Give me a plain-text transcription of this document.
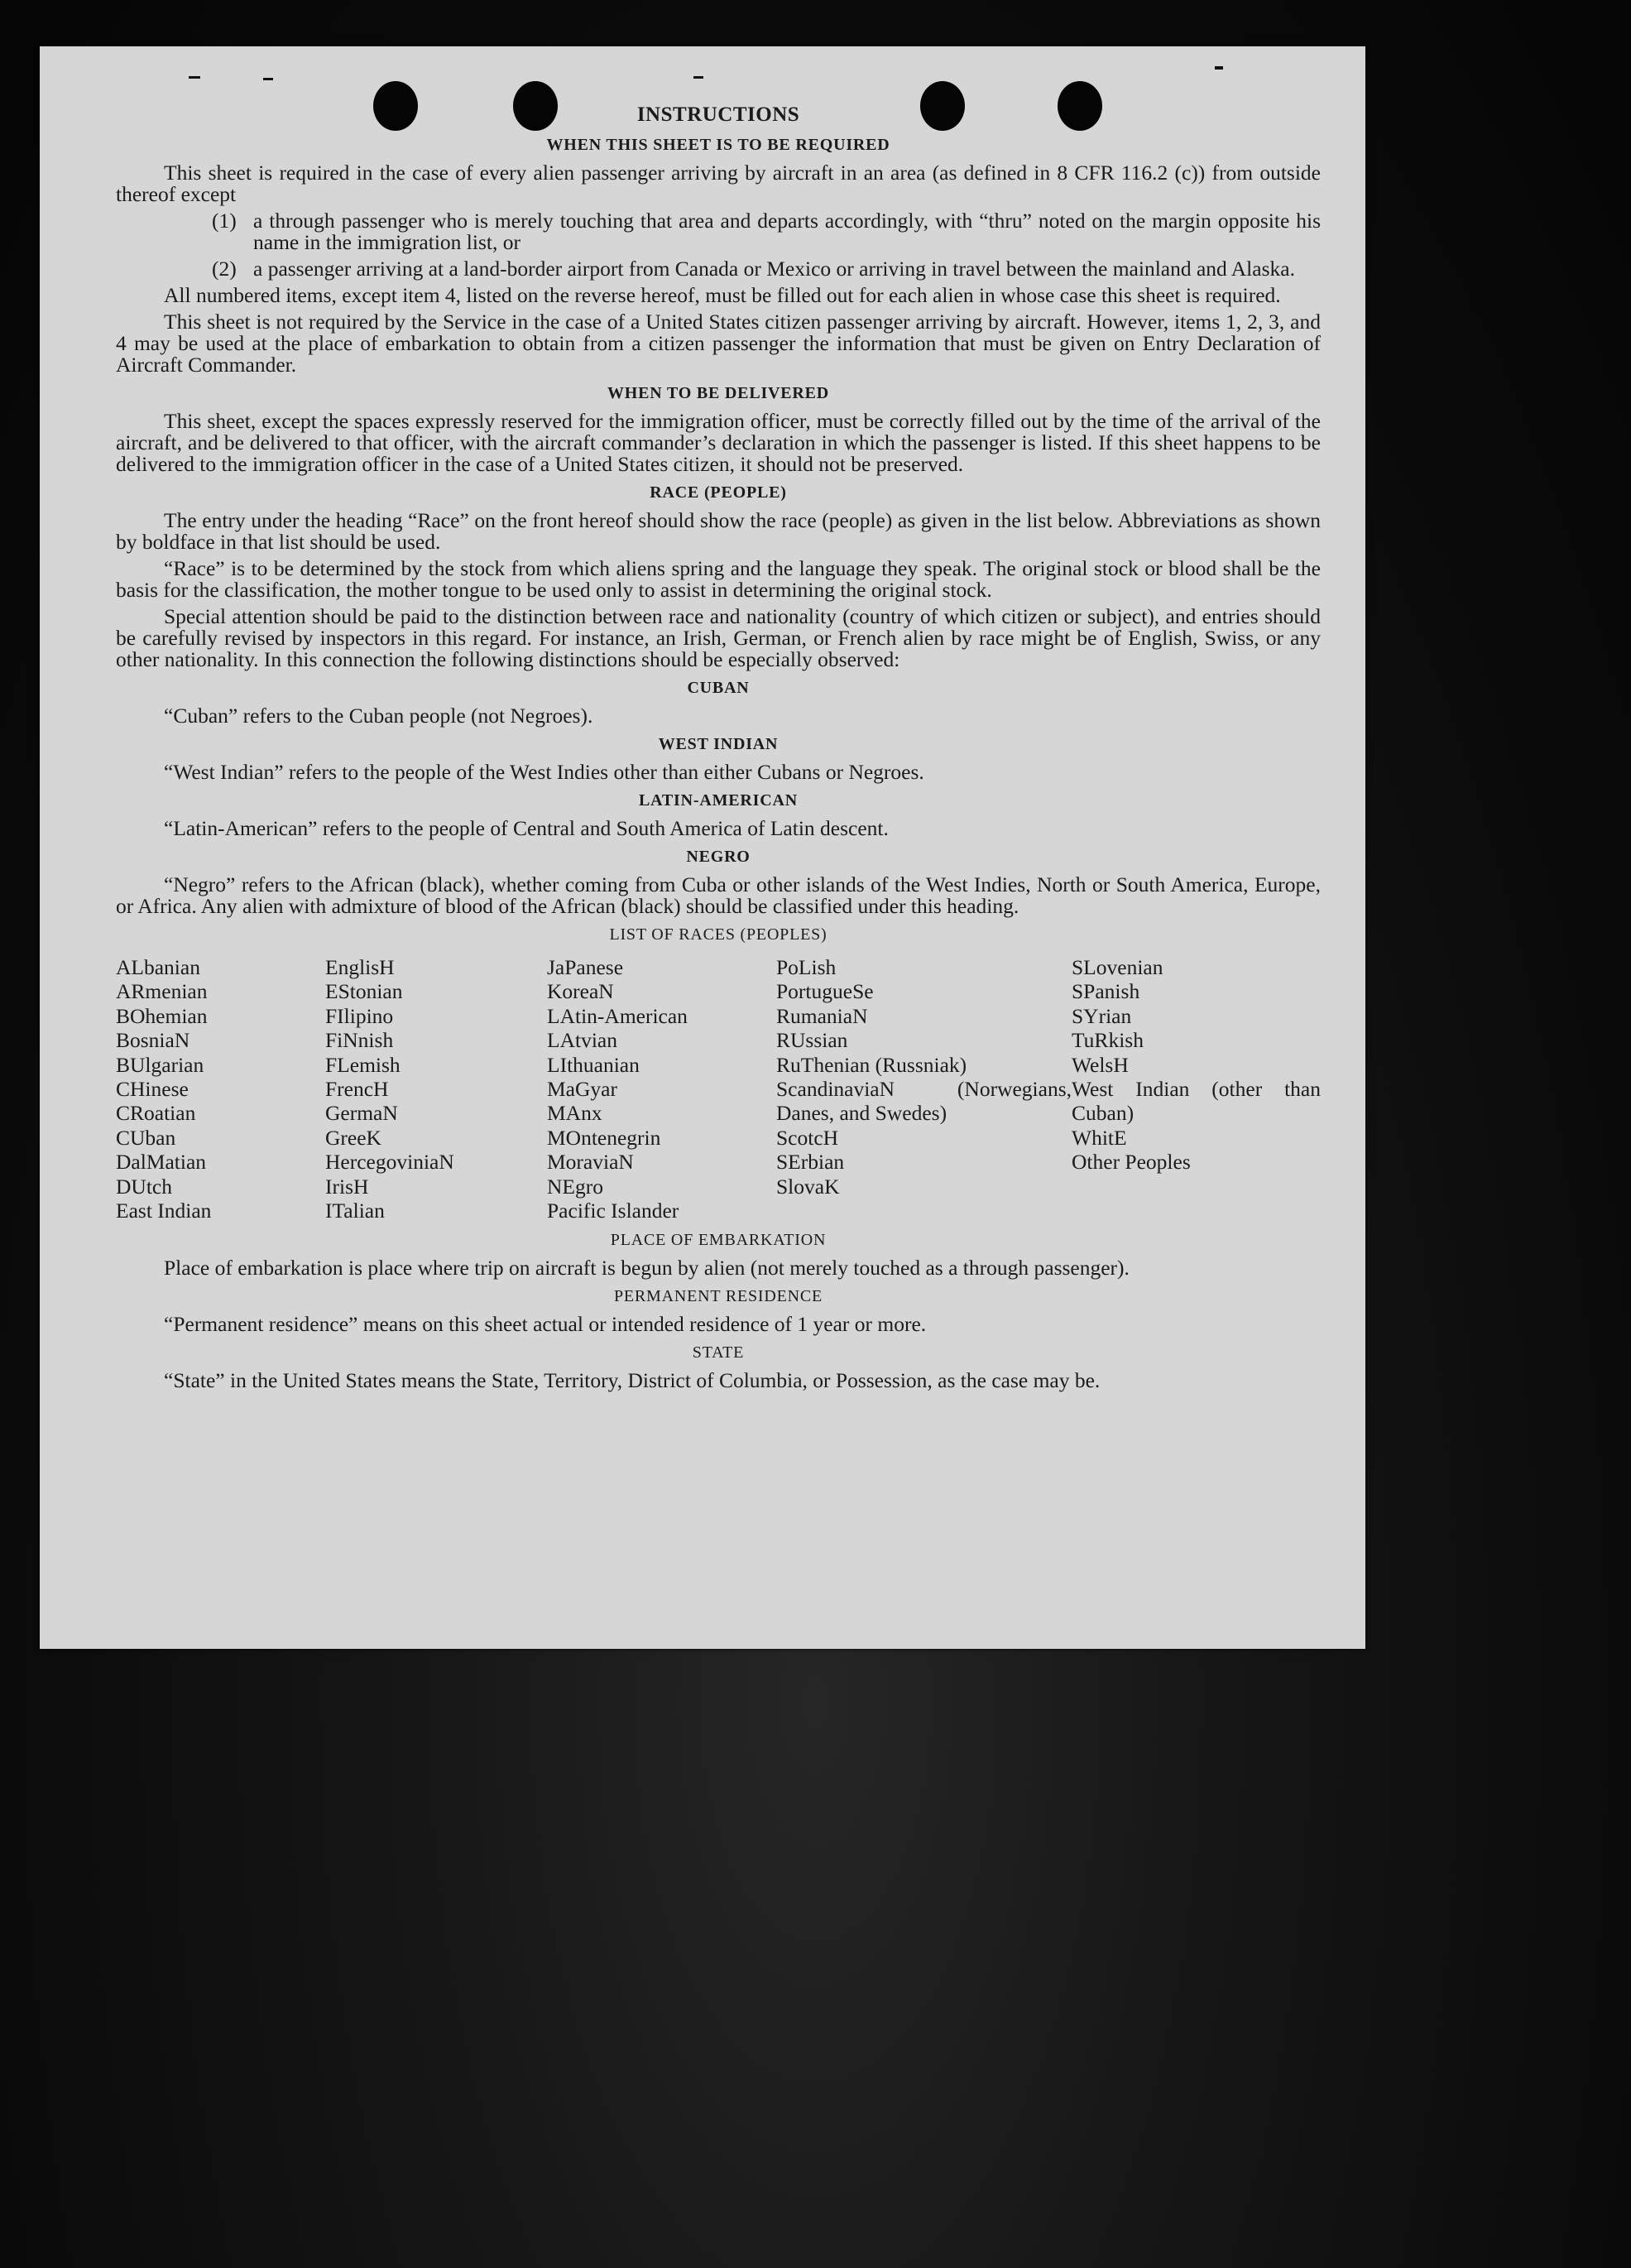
INSTRUCTIONS
WHEN THIS SHEET IS TO BE REQUIRED

This sheet is required in the case of every alien passenger arriving by aircraft in an area (as defined in 8 CFR 116.2 (c)) from outside thereof except

(1) a through passenger who is merely touching that area and departs accordingly, with “thru” noted on the margin opposite his name in the immigration list, or
(2) a passenger arriving at a land-border airport from Canada or Mexico or arriving in travel between the mainland and Alaska.

All numbered items, except item 4, listed on the reverse hereof, must be filled out for each alien in whose case this sheet is required.

This sheet is not required by the Service in the case of a United States citizen passenger arriving by aircraft. However, items 1, 2, 3, and 4 may be used at the place of embarkation to obtain from a citizen passenger the information that must be given on Entry Declaration of Aircraft Commander.

WHEN TO BE DELIVERED

This sheet, except the spaces expressly reserved for the immigration officer, must be correctly filled out by the time of the arrival of the aircraft, and be delivered to that officer, with the aircraft commander’s declaration in which the passenger is listed. If this sheet happens to be delivered to the immigration officer in the case of a United States citizen, it should not be preserved.

RACE (PEOPLE)

The entry under the heading “Race” on the front hereof should show the race (people) as given in the list below. Abbreviations as shown by boldface in that list should be used.

“Race” is to be determined by the stock from which aliens spring and the language they speak. The original stock or blood shall be the basis for the classification, the mother tongue to be used only to assist in determining the original stock.

Special attention should be paid to the distinction between race and nationality (country of which citizen or subject), and entries should be carefully revised by inspectors in this regard. For instance, an Irish, German, or French alien by race might be of English, Swiss, or any other nationality. In this connection the following distinctions should be especially observed:

CUBAN
“Cuban” refers to the Cuban people (not Negroes).
WEST INDIAN
“West Indian” refers to the people of the West Indies other than either Cubans or Negroes.
LATIN-AMERICAN
“Latin-American” refers to the people of Central and South America of Latin descent.
NEGRO

“Negro” refers to the African (black), whether coming from Cuba or other islands of the West Indies, North or South America, Europe, or Africa. Any alien with admixture of blood of the African (black) should be classified under this heading.

LIST OF RACES (PEOPLES)
ALbanian
ARmenian
BOhemian
BosniaN
BUlgarian
CHinese
CRoatian
CUban
DalMatian
DUtch
East Indian
EnglisH
EStonian
FIlipino
FiNnish
FLemish
FrencH
GermaN
GreeK
HercegoviniaN
IrisH
ITalian
JaPanese
KoreaN
LAtin-American
LAtvian
LIthuanian
MaGyar
MAnx
MOntenegrin
MoraviaN
NEgro
Pacific Islander
PoLish
PortugueSe
RumaniaN
RUssian
RuThenian (Russniak)
ScandinaviaN (Norwegians, Danes, and Swedes)
ScotcH
SErbian
SlovaK
SLovenian
SPanish
SYrian
TuRkish
WelsH
West Indian (other than Cuban)
WhitE
Other Peoples
PLACE OF EMBARKATION

Place of embarkation is place where trip on aircraft is begun by alien (not merely touched as a through passenger).

PERMANENT RESIDENCE
“Permanent residence” means on this sheet actual or intended residence of 1 year or more.
STATE

“State” in the United States means the State, Territory, District of Columbia, or Possession, as the case may be.
